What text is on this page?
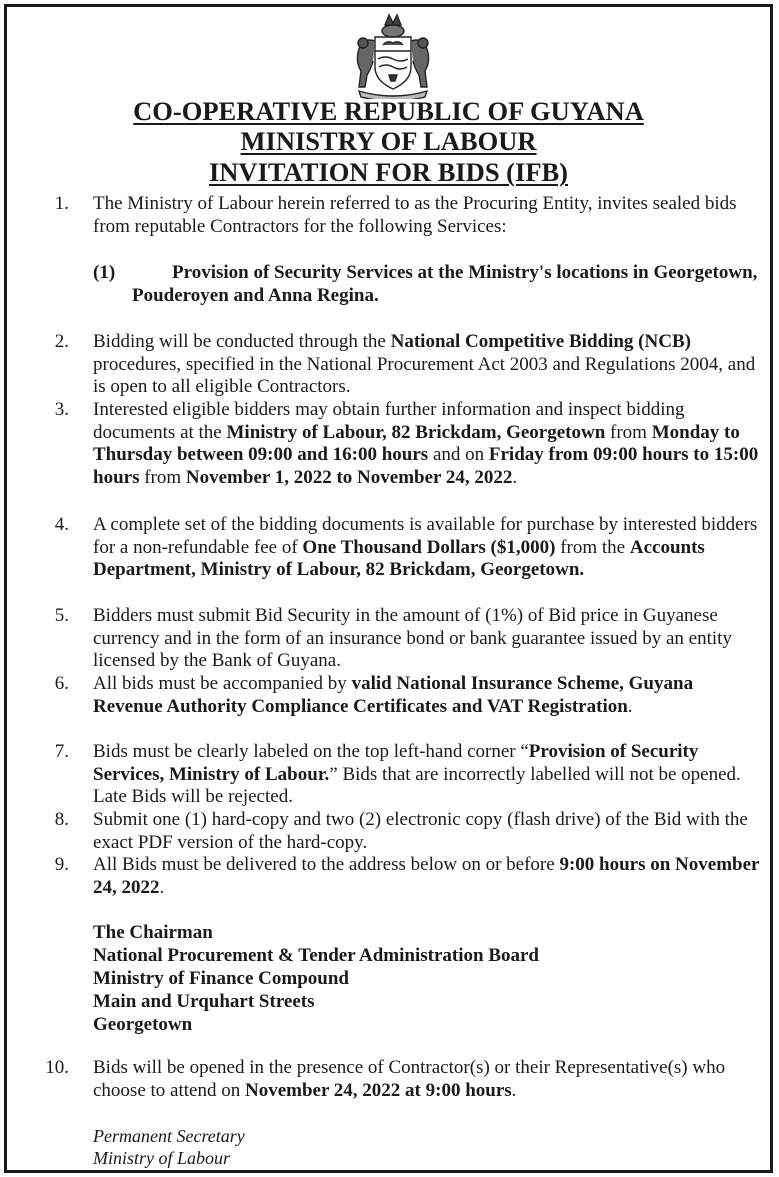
CO-OPERATIVE REPUBLIC OF GUYANA
MINISTRY OF LABOUR
INVITATION FOR BIDS (IFB)
1. The Ministry of Labour herein referred to as the Procuring Entity, invites sealed bids from reputable Contractors for the following Services:
(1)	Provision of Security Services at the Ministry's locations in Georgetown, Pouderoyen and Anna Regina.
2. Bidding will be conducted through the National Competitive Bidding (NCB) procedures, specified in the National Procurement Act 2003 and Regulations 2004, and is open to all eligible Contractors.
3. Interested eligible bidders may obtain further information and inspect bidding documents at the Ministry of Labour, 82 Brickdam, Georgetown from Monday to Thursday between 09:00 and 16:00 hours and on Friday from 09:00 hours to 15:00 hours from November 1, 2022 to November 24, 2022.
4. A complete set of the bidding documents is available for purchase by interested bidders for a non-refundable fee of One Thousand Dollars ($1,000) from the Accounts Department, Ministry of Labour, 82 Brickdam, Georgetown.
5. Bidders must submit Bid Security in the amount of (1%) of Bid price in Guyanese currency and in the form of an insurance bond or bank guarantee issued by an entity licensed by the Bank of Guyana.
6. All bids must be accompanied by valid National Insurance Scheme, Guyana Revenue Authority Compliance Certificates and VAT Registration.
7. Bids must be clearly labeled on the top left-hand corner “Provision of Security Services, Ministry of Labour.” Bids that are incorrectly labelled will not be opened. Late Bids will be rejected.
8. Submit one (1) hard-copy and two (2) electronic copy (flash drive) of the Bid with the exact PDF version of the hard-copy.
9. All Bids must be delivered to the address below on or before 9:00 hours on November 24, 2022.
The Chairman
National Procurement & Tender Administration Board
Ministry of Finance Compound
Main and Urquhart Streets
Georgetown
10. Bids will be opened in the presence of Contractor(s) or their Representative(s) who choose to attend on November 24, 2022 at 9:00 hours.
Permanent Secretary
Ministry of Labour
